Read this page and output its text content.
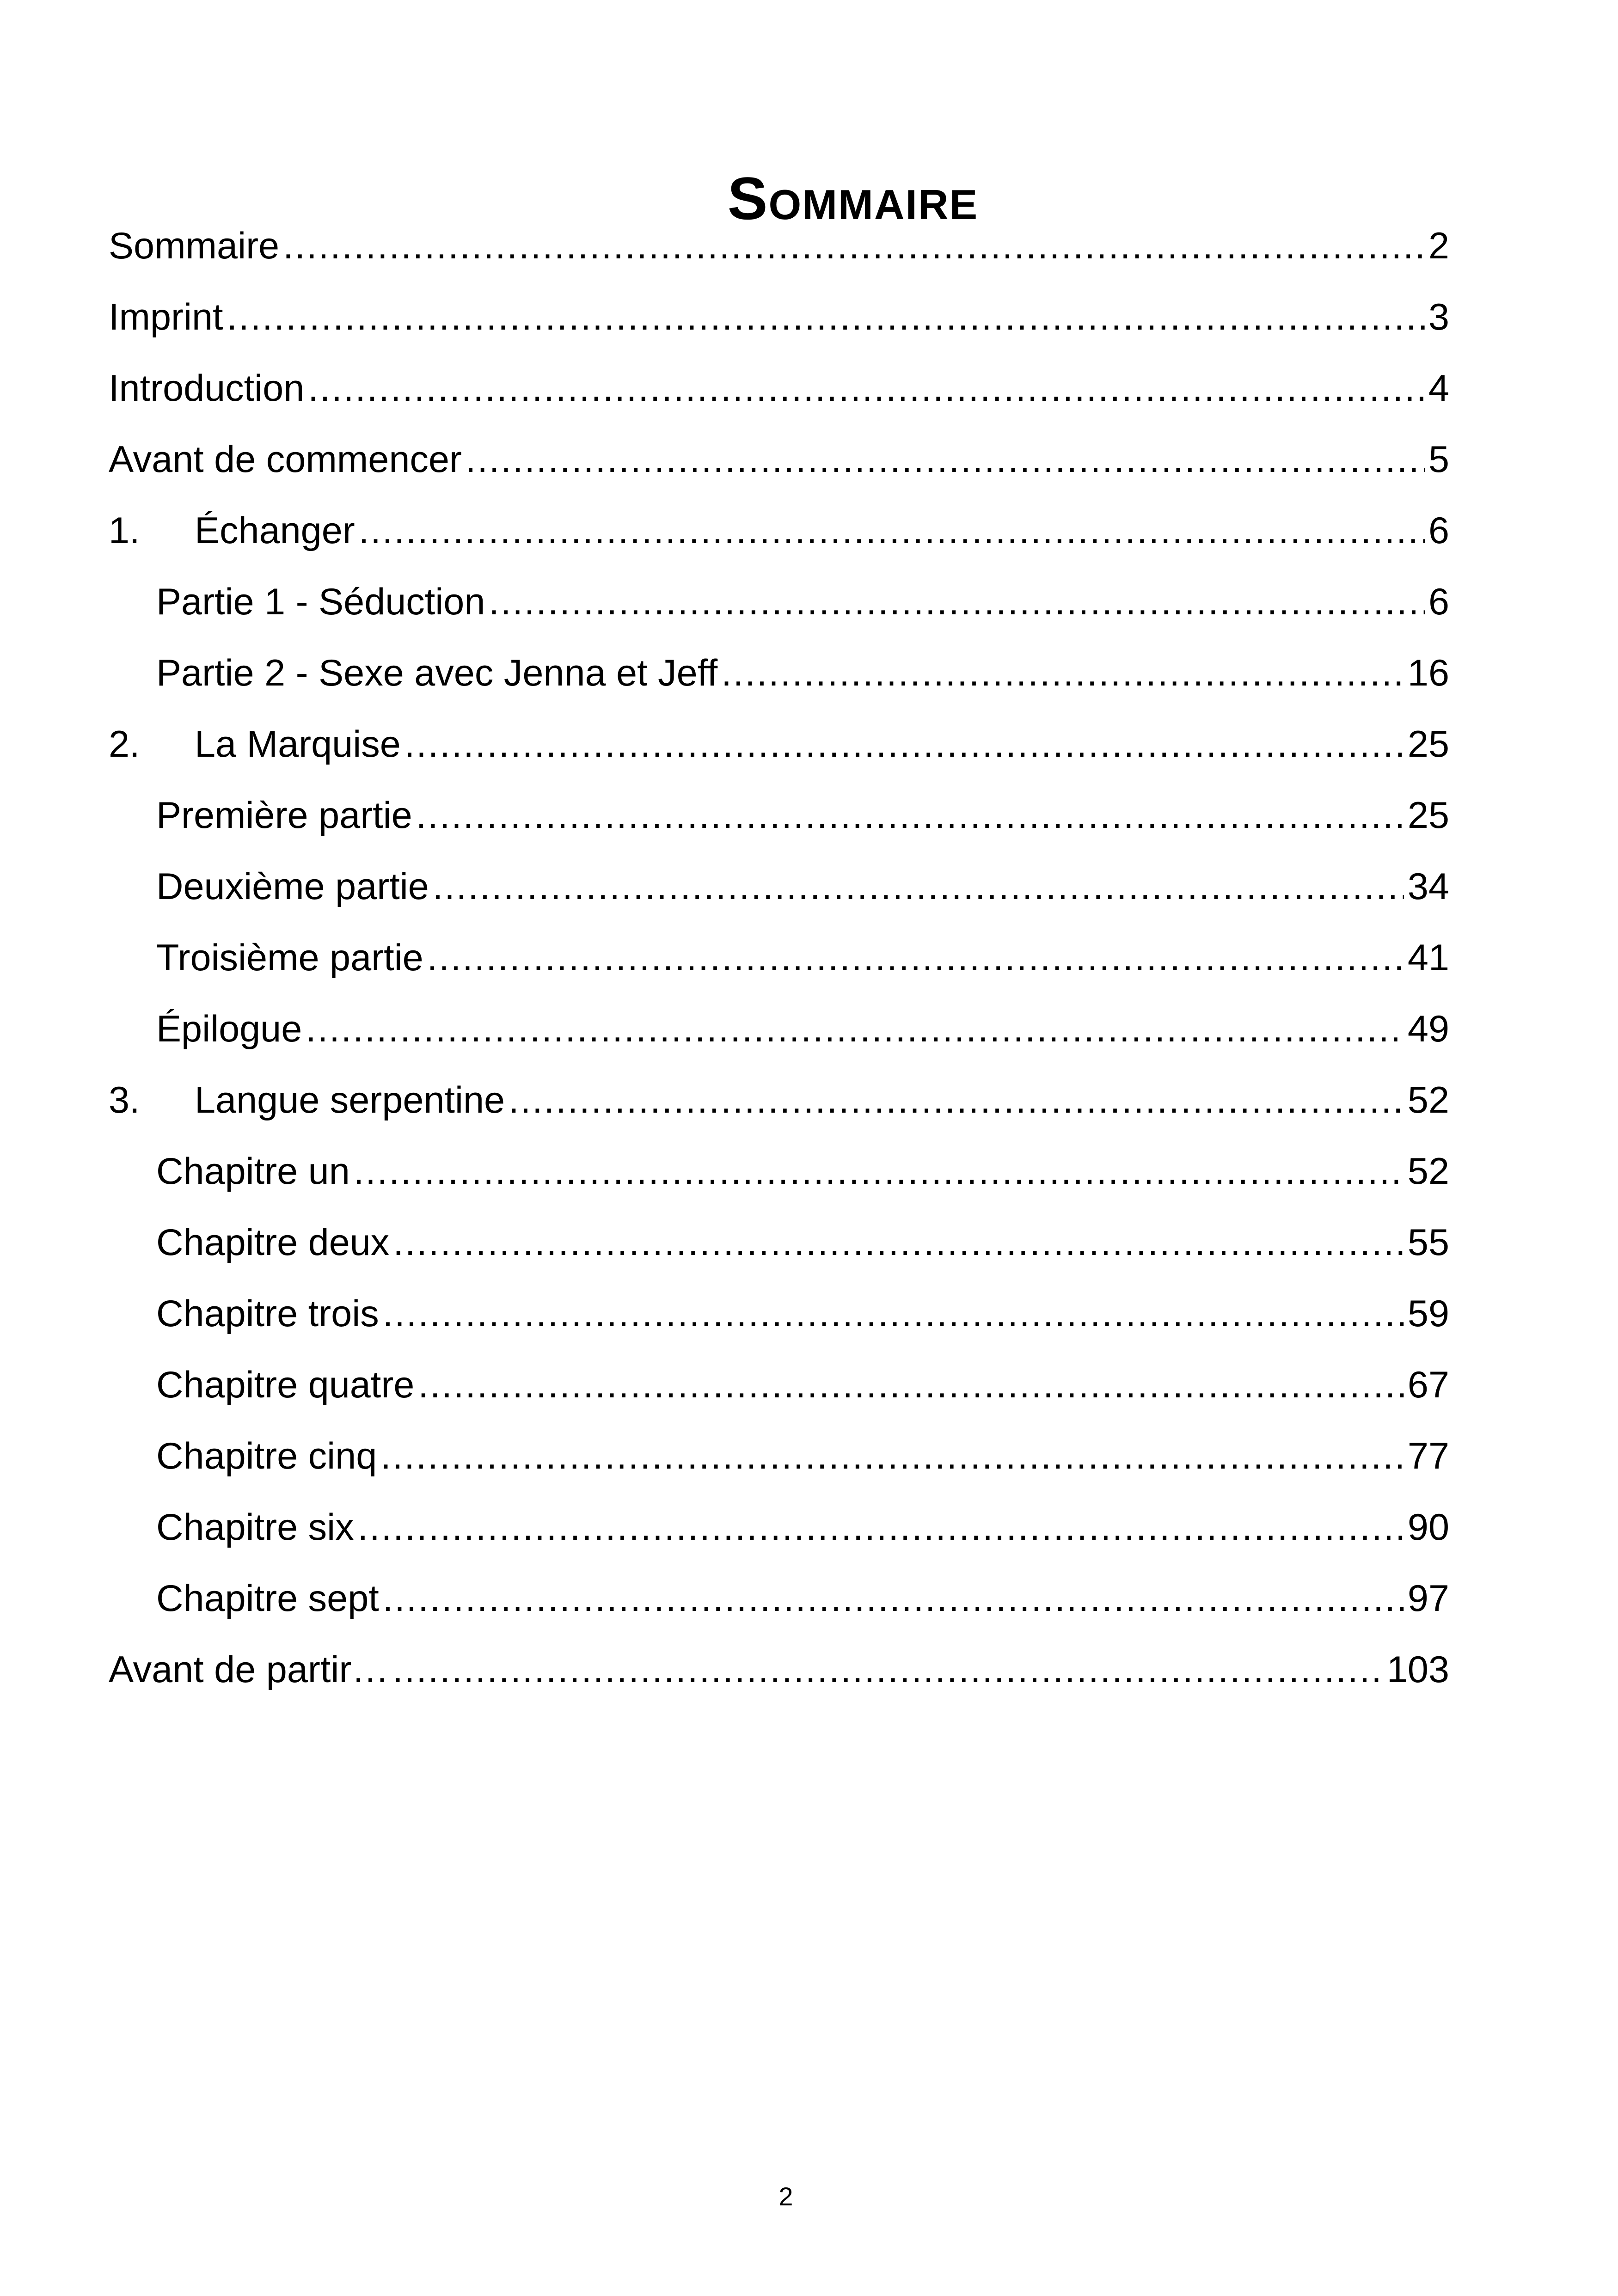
Sommaire
Sommaire .....	2
Imprint .....	3
Introduction .....	4
Avant de commencer .....	5
1.	Échanger .....	6
Partie 1 - Séduction .....	6
Partie 2 - Sexe avec Jenna et Jeff .....	16
2.	La Marquise .....	25
Première partie .....	25
Deuxième partie .....	34
Troisième partie .....	41
Épilogue .....	49
3.	Langue serpentine .....	52
Chapitre un .....	52
Chapitre deux .....	55
Chapitre trois .....	59
Chapitre quatre .....	67
Chapitre cinq .....	77
Chapitre six .....	90
Chapitre sept .....	97
Avant de partir… .....	103
2
